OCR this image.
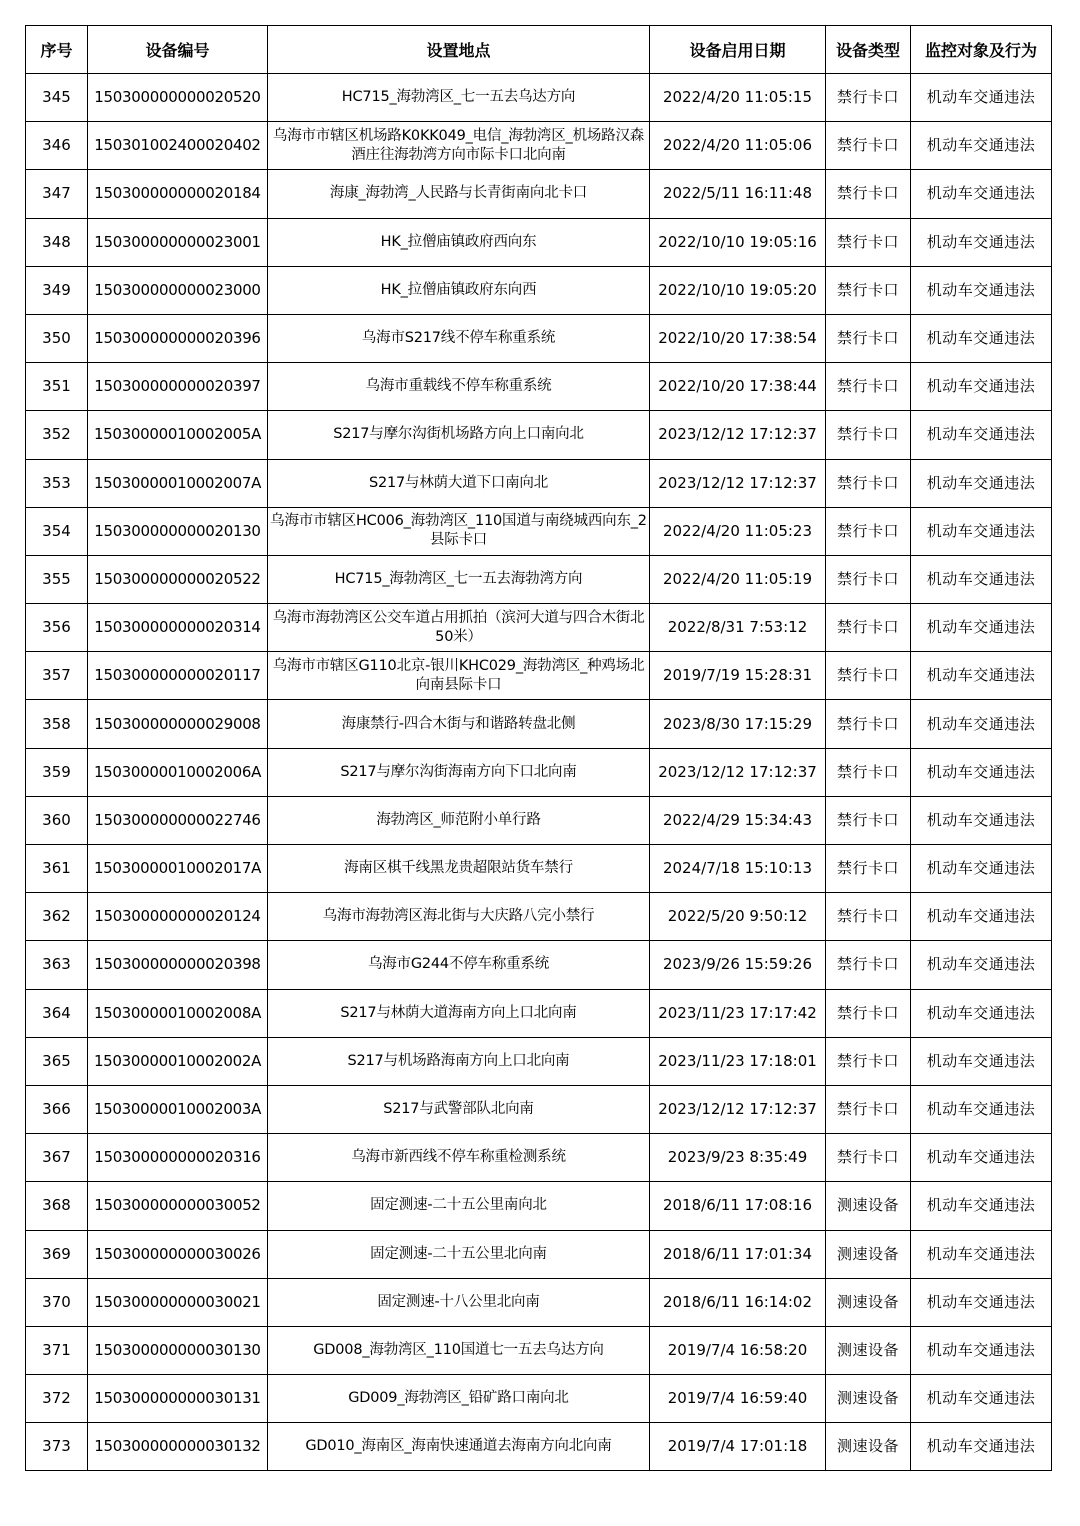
序号	设备编号	设置地点	设备启用日期	设备类型	监控对象及行为
345	150300000000020520	HC715_海勃湾区_七一五去乌达方向	2022/4/20 11:05:15	禁行卡口	机动车交通违法
346	150301002400020402	乌海市市辖区机场路K0KK049_电信_海勃湾区_机场路汉森酒庄往海勃湾方向市际卡口北向南	2022/4/20 11:05:06	禁行卡口	机动车交通违法
347	150300000000020184	海康_海勃湾_人民路与长青街南向北卡口	2022/5/11 16:11:48	禁行卡口	机动车交通违法
348	150300000000023001	HK_拉僧庙镇政府西向东	2022/10/10 19:05:16	禁行卡口	机动车交通违法
349	150300000000023000	HK_拉僧庙镇政府东向西	2022/10/10 19:05:20	禁行卡口	机动车交通违法
350	150300000000020396	乌海市S217线不停车称重系统	2022/10/20 17:38:54	禁行卡口	机动车交通违法
351	150300000000020397	乌海市重载线不停车称重系统	2022/10/20 17:38:44	禁行卡口	机动车交通违法
352	15030000010002005A	S217与摩尔沟街机场路方向上口南向北	2023/12/12 17:12:37	禁行卡口	机动车交通违法
353	15030000010002007A	S217与林荫大道下口南向北	2023/12/12 17:12:37	禁行卡口	机动车交通违法
354	150300000000020130	乌海市市辖区HC006_海勃湾区_110国道与南绕城西向东_2县际卡口	2022/4/20 11:05:23	禁行卡口	机动车交通违法
355	150300000000020522	HC715_海勃湾区_七一五去海勃湾方向	2022/4/20 11:05:19	禁行卡口	机动车交通违法
356	150300000000020314	乌海市海勃湾区公交车道占用抓拍（滨河大道与四合木街北50米）	2022/8/31 7:53:12	禁行卡口	机动车交通违法
357	150300000000020117	乌海市市辖区G110北京-银川KHC029_海勃湾区_种鸡场北向南县际卡口	2019/7/19 15:28:31	禁行卡口	机动车交通违法
358	150300000000029008	海康禁行-四合木街与和谐路转盘北侧	2023/8/30 17:15:29	禁行卡口	机动车交通违法
359	15030000010002006A	S217与摩尔沟街海南方向下口北向南	2023/12/12 17:12:37	禁行卡口	机动车交通违法
360	150300000000022746	海勃湾区_师范附小单行路	2022/4/29 15:34:43	禁行卡口	机动车交通违法
361	15030000010002017A	海南区棋千线黑龙贵超限站货车禁行	2024/7/18 15:10:13	禁行卡口	机动车交通违法
362	150300000000020124	乌海市海勃湾区海北街与大庆路八完小禁行	2022/5/20 9:50:12	禁行卡口	机动车交通违法
363	150300000000020398	乌海市G244不停车称重系统	2023/9/26 15:59:26	禁行卡口	机动车交通违法
364	15030000010002008A	S217与林荫大道海南方向上口北向南	2023/11/23 17:17:42	禁行卡口	机动车交通违法
365	15030000010002002A	S217与机场路海南方向上口北向南	2023/11/23 17:18:01	禁行卡口	机动车交通违法
366	15030000010002003A	S217与武警部队北向南	2023/12/12 17:12:37	禁行卡口	机动车交通违法
367	150300000000020316	乌海市新西线不停车称重检测系统	2023/9/23 8:35:49	禁行卡口	机动车交通违法
368	150300000000030052	固定测速-二十五公里南向北	2018/6/11 17:08:16	测速设备	机动车交通违法
369	150300000000030026	固定测速-二十五公里北向南	2018/6/11 17:01:34	测速设备	机动车交通违法
370	150300000000030021	固定测速-十八公里北向南	2018/6/11 16:14:02	测速设备	机动车交通违法
371	150300000000030130	GD008_海勃湾区_110国道七一五去乌达方向	2019/7/4 16:58:20	测速设备	机动车交通违法
372	150300000000030131	GD009_海勃湾区_铅矿路口南向北	2019/7/4 16:59:40	测速设备	机动车交通违法
373	150300000000030132	GD010_海南区_海南快速通道去海南方向北向南	2019/7/4 17:01:18	测速设备	机动车交通违法
